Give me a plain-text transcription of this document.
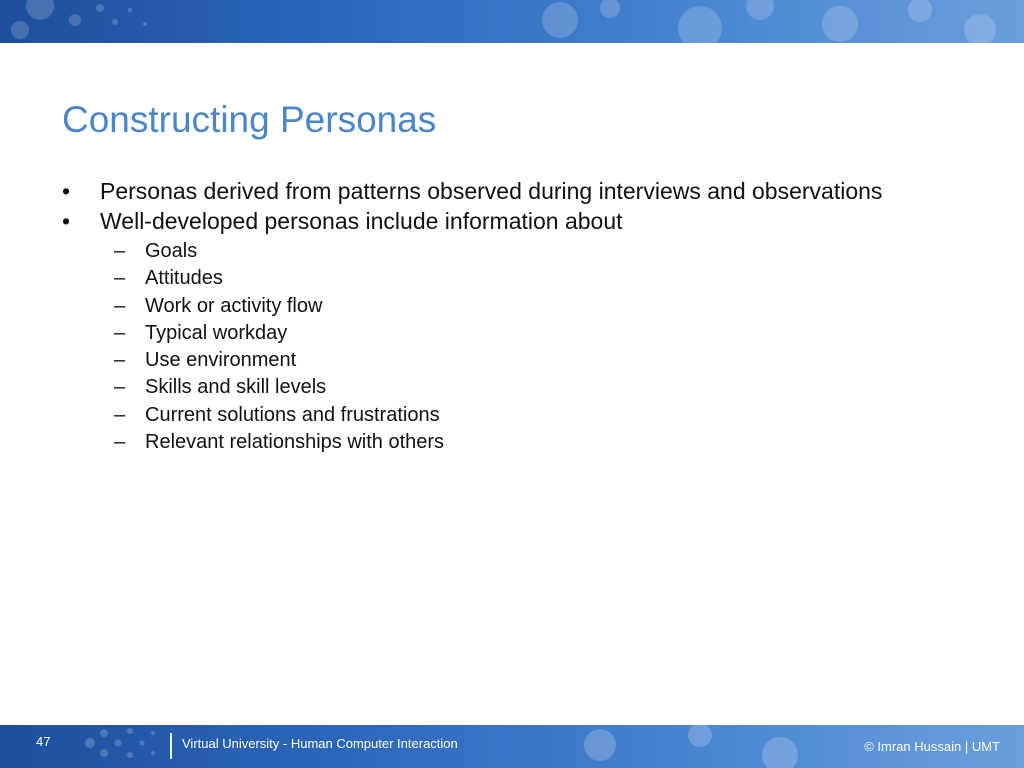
Constructing Personas
•	Personas derived from patterns observed during interviews and observations
•	Well-developed personas include information about
– Goals
– Attitudes
– Work or activity flow
– Typical workday
– Use environment
– Skills and skill levels
– Current solutions and frustrations
– Relevant relationships with others
47	Virtual University - Human Computer Interaction	© Imran Hussain | UMT
